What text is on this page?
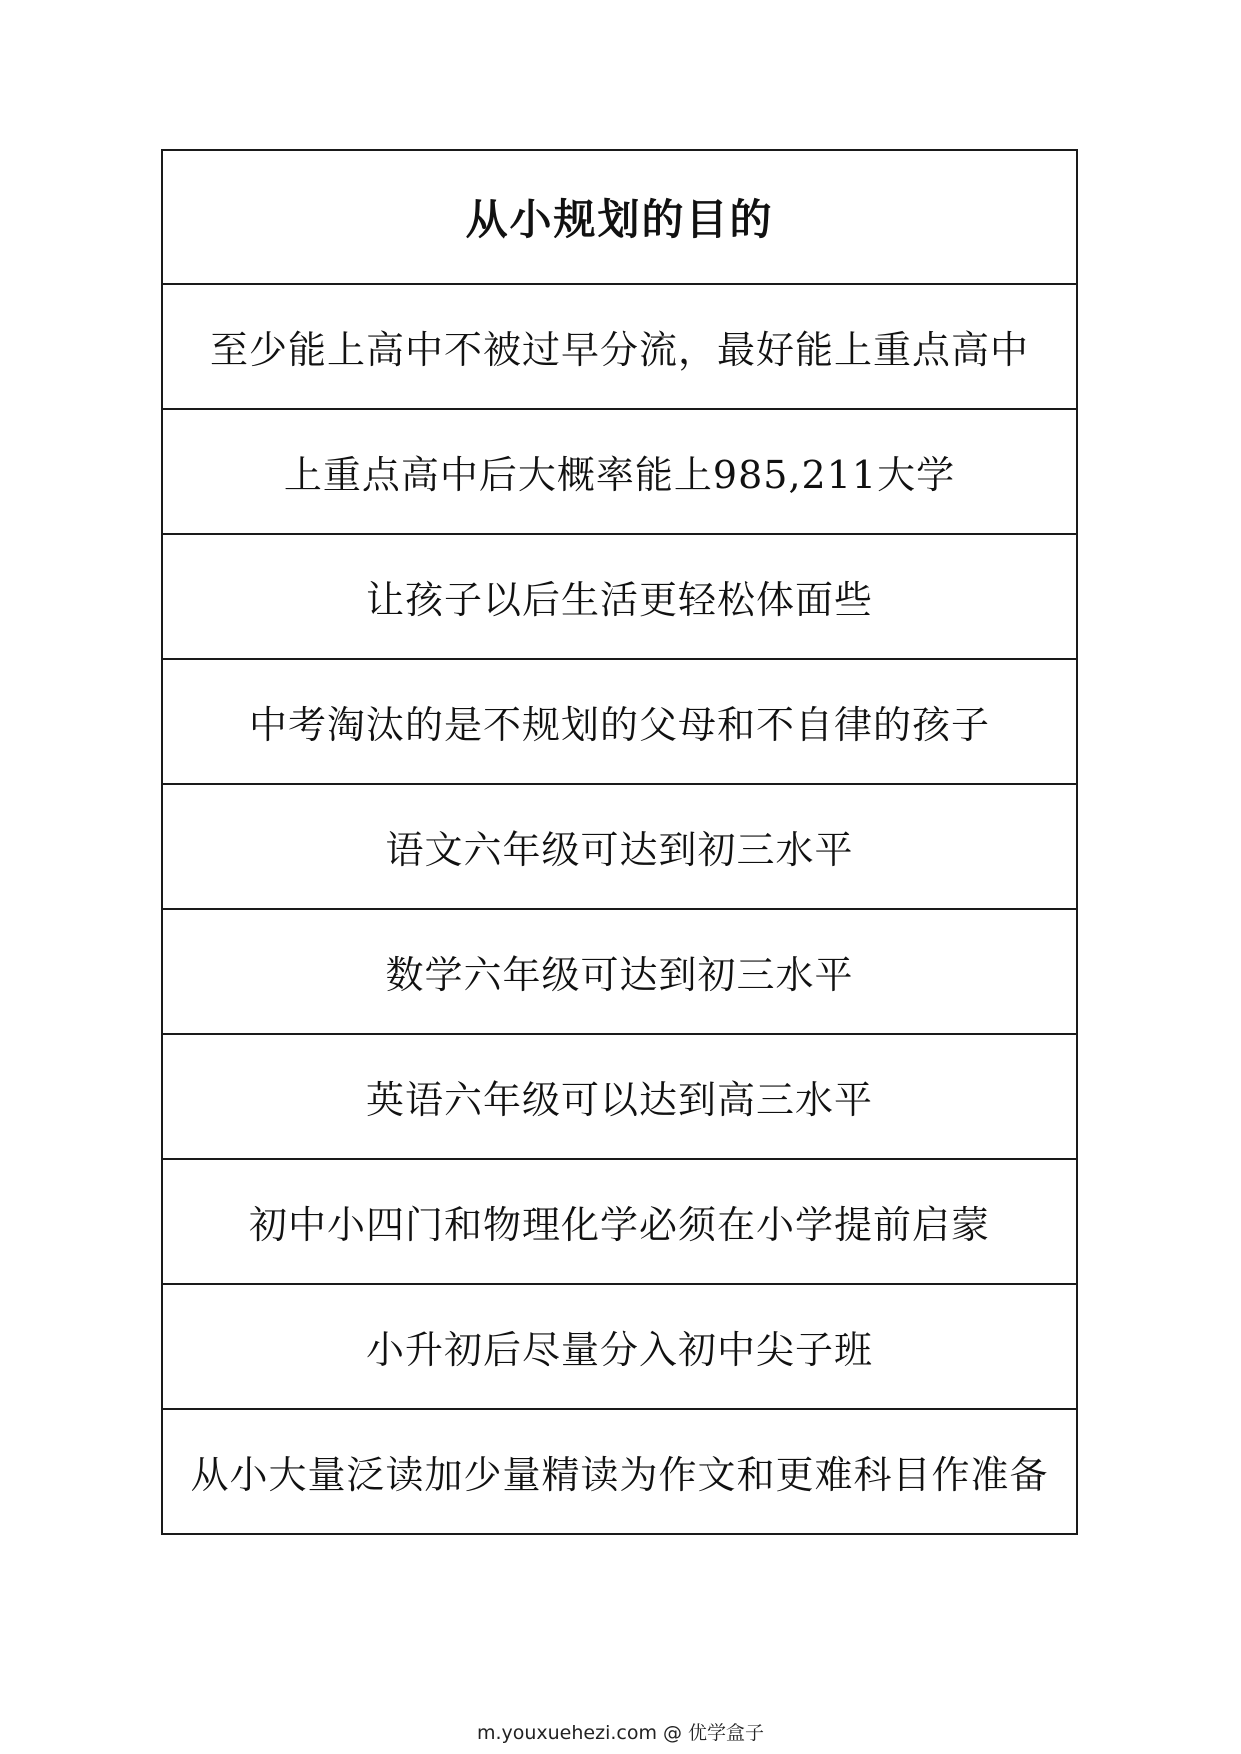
从小规划的目的
至少能上高中不被过早分流，最好能上重点高中
上重点高中后大概率能上985,211大学
让孩子以后生活更轻松体面些
中考淘汰的是不规划的父母和不自律的孩子
语文六年级可达到初三水平
数学六年级可达到初三水平
英语六年级可以达到高三水平
初中小四门和物理化学必须在小学提前启蒙
小升初后尽量分入初中尖子班
从小大量泛读加少量精读为作文和更难科目作准备
m.youxuehezi.com @ 优学盒子
